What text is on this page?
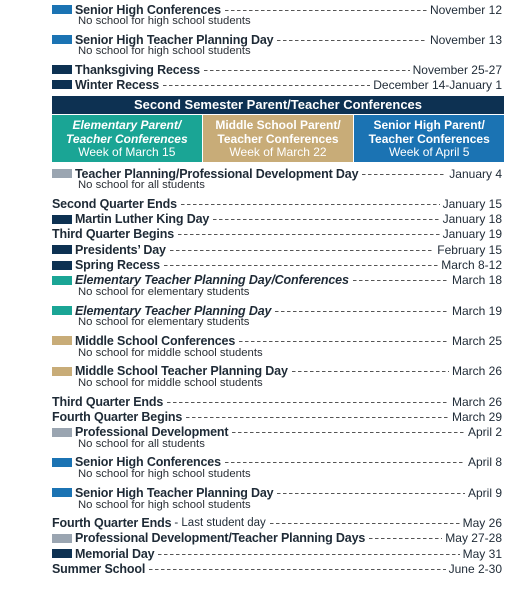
Second Semester Parent/Teacher Conferences
Elementary Parent/
Teacher Conferences
Week of March 15
Middle School Parent/
Teacher Conferences
Week of March 22
Senior High Parent/
Teacher Conferences
Week of April 5
Senior High Conferences	November 12
No school for high school students
Senior High Teacher Planning Day	November 13
No school for high school students
Thanksgiving Recess	November 25-27
Winter Recess	December 14-January 1
Teacher Planning/Professional Development Day	January 4
No school for all students
Second Quarter Ends	January 15
Martin Luther King Day	January 18
Third Quarter Begins	January 19
Presidents’ Day	February 15
Spring Recess	March 8-12
Elementary Teacher Planning Day/Conferences	March 18
No school for elementary students
Elementary Teacher Planning Day	March 19
No school for elementary students
Middle School Conferences	March 25
No school for middle school students
Middle School Teacher Planning Day	March 26
No school for middle school students
Third Quarter Ends	March 26
Fourth Quarter Begins	March 29
Professional Development	April 2
No school for all students
Senior High Conferences	April 8
No school for high school students
Senior High Teacher Planning Day	April 9
No school for high school students
Fourth Quarter Ends - Last student day	May 26
Professional Development/Teacher Planning Days	May 27-28
Memorial Day	May 31
Summer School	June 2-30
